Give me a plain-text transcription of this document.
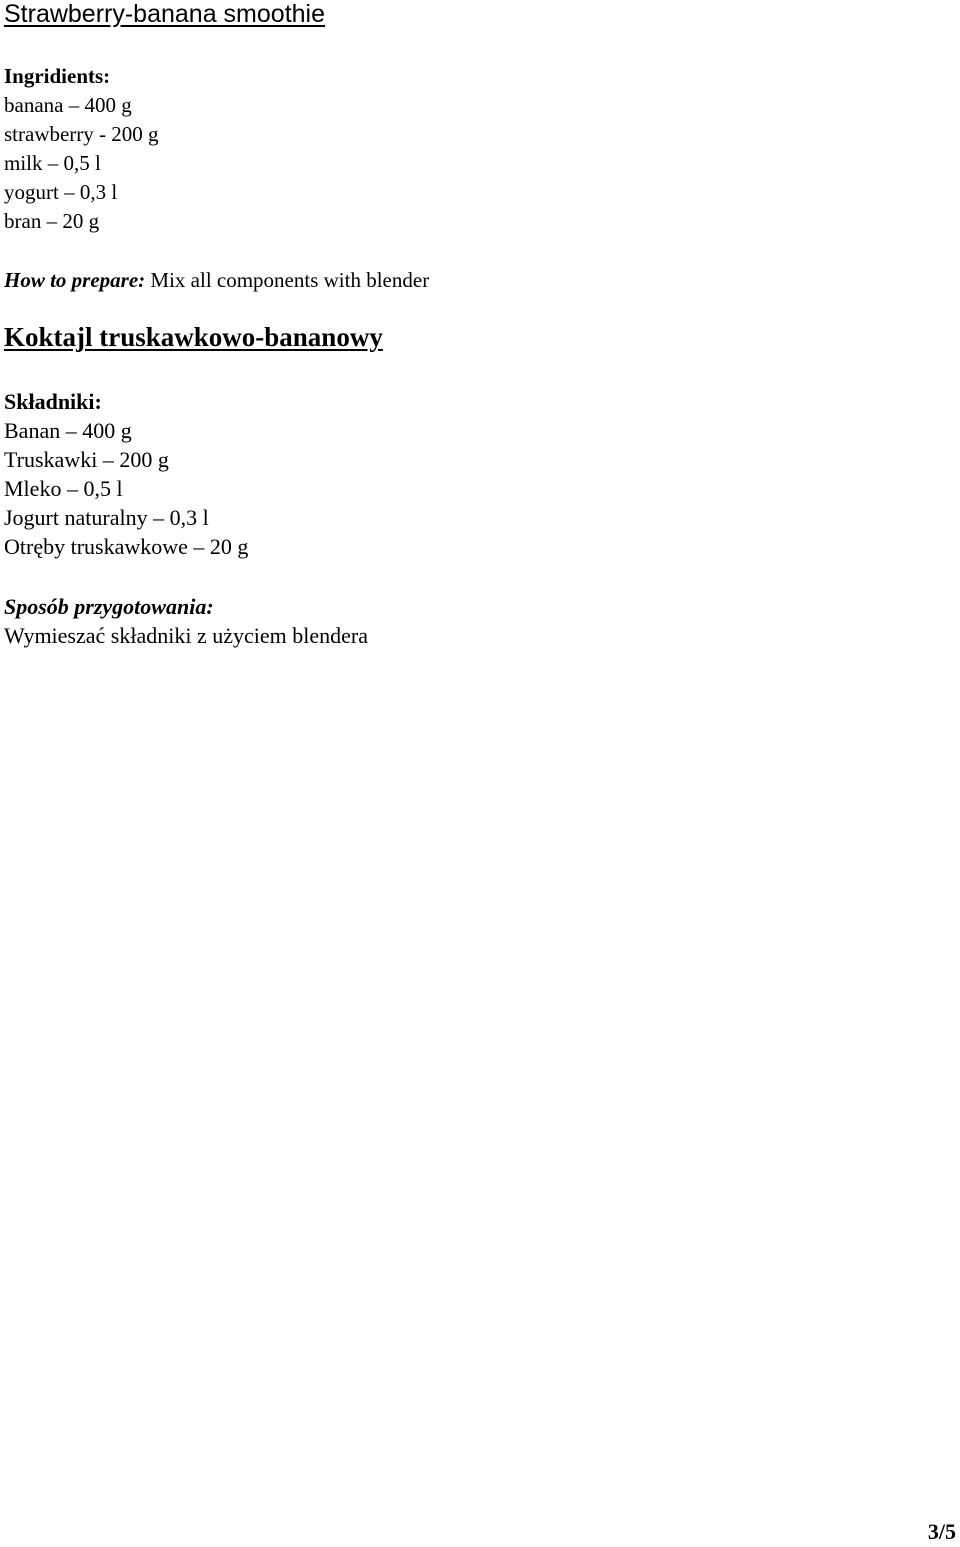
Strawberry-banana smoothie
Ingridients:
banana – 400 g
strawberry - 200 g
milk – 0,5 l
yogurt – 0,3 l
bran – 20 g
How to prepare: Mix all components with blender
Koktajl truskawkowo-bananowy
Składniki:
Banan – 400 g
Truskawki – 200 g
Mleko – 0,5 l
Jogurt naturalny – 0,3 l
Otręby truskawkowe – 20 g
Sposób przygotowania:
Wymieszać składniki z użyciem blendera
3/5
